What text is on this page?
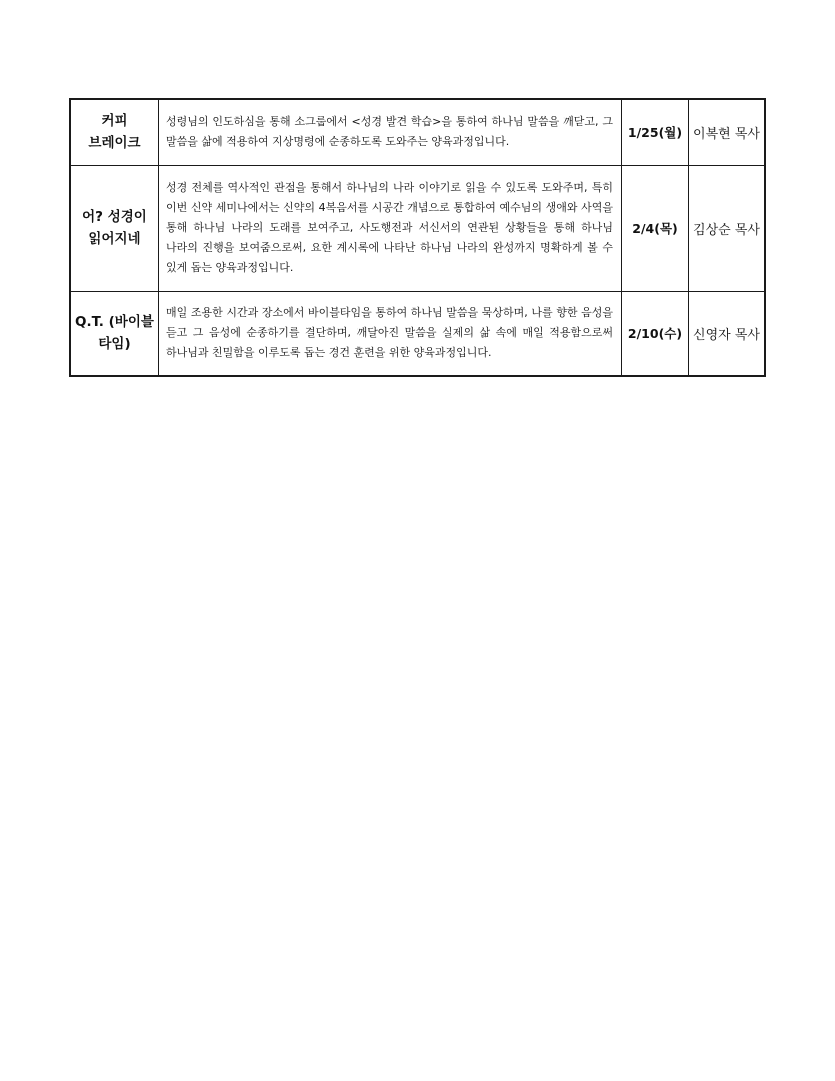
커피
브레이크	성령님의 인도하심을 통해 소그룹에서 <성경 발견 학습>을 통하여 하나님 말씀을 깨닫고, 그 말씀을 삶에 적용하여 지상명령에 순종하도록 도와주는 양육과정입니다.	1/25(월)	이복현 목사
어? 성경이
읽어지네	성경 전체를 역사적인 관점을 통해서 하나님의 나라 이야기로 읽을 수 있도록 도와주며, 특히 이번 신약 세미나에서는 신약의 4복음서를 시공간 개념으로 통합하여 예수님의 생애와 사역을 통해 하나님 나라의 도래를 보여주고, 사도행전과 서신서의 연관된 상황들을 통해 하나님 나라의 진행을 보여줌으로써, 요한 계시록에 나타난 하나님 나라의 완성까지 명확하게 볼 수 있게 돕는 양육과정입니다.	2/4(목)	김상순 목사
Q.T. (바이블
타임)	매일 조용한 시간과 장소에서 바이블타임을 통하여 하나님 말씀을 묵상하며, 나를 향한 음성을 듣고 그 음성에 순종하기를 결단하며, 깨달아진 말씀을 실제의 삶 속에 매일 적용함으로써 하나님과 친밀함을 이루도록 돕는 경건 훈련을 위한 양육과정입니다.	2/10(수)	신영자 목사
